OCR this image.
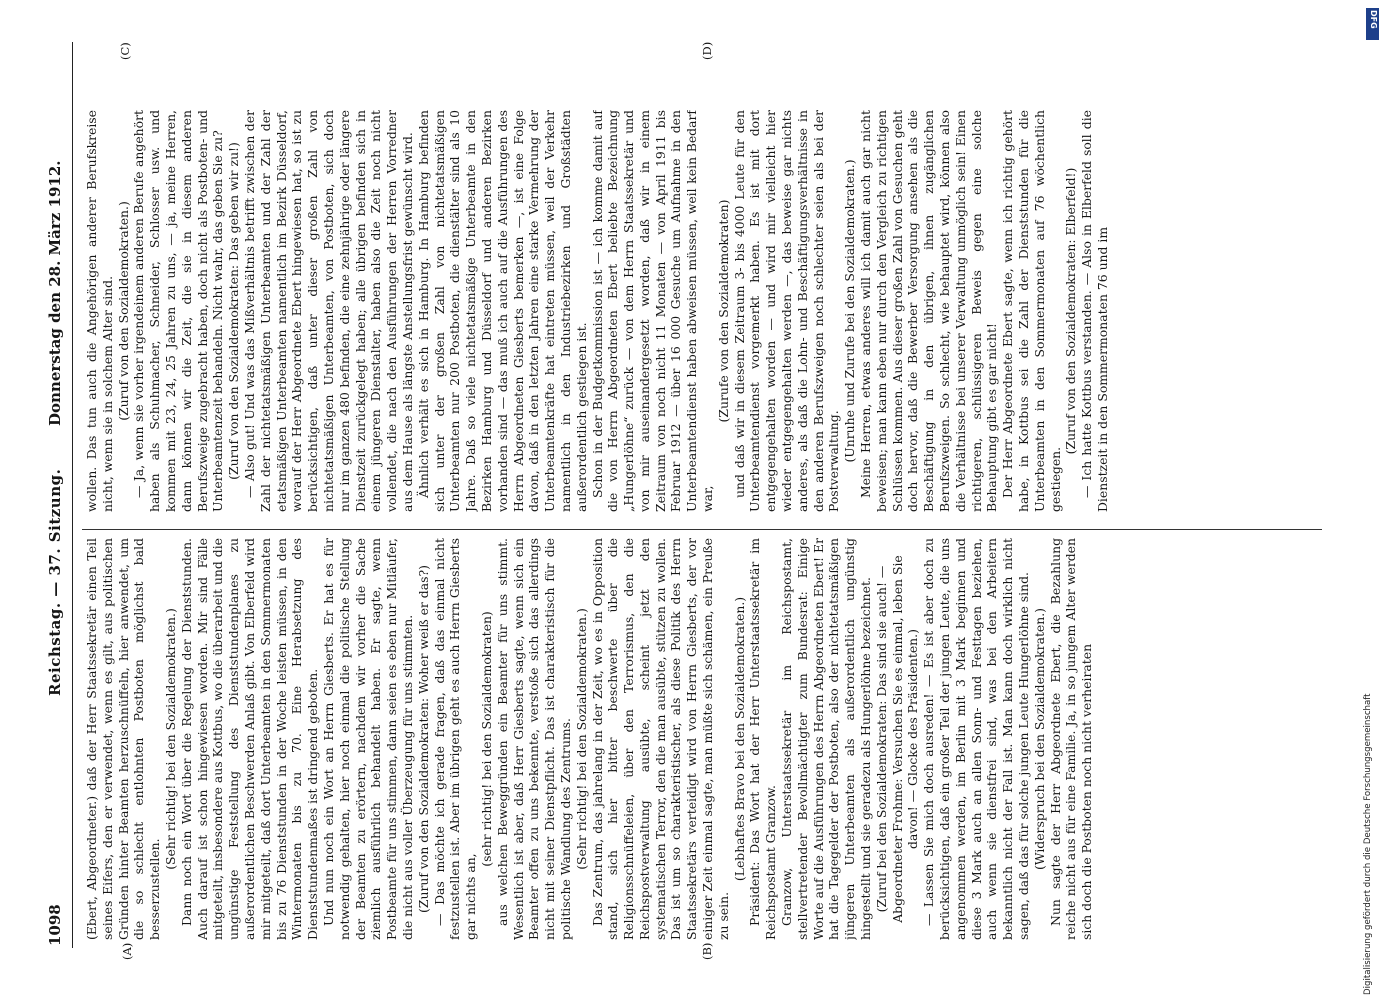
1098
Reichstag. — 37. Sitzung.
Donnerstag den 28. März 1912.
(A)	(B)
(C)	(D)

(Ebert, Abgeordneter.) daß der Herr Staatssekretär einen Teil seines Eifers, den er verwendet, wenn es gilt, aus politischen Gründen hinter Beamten herzuschnüffeln, hier anwendet, um die so schlecht entlohnten Postboten möglichst bald besserzustellen.

(Sehr richtig! bei den Sozialdemokraten.) Dann noch ein Wort über die Regelung der Dienststunden. Auch darauf ist schon hingewiesen worden. Mir sind Fälle mitgeteilt, insbesondere aus Kottbus, wo die überarbeit und die ungünstige Feststellung des Dienststundenplanes zu außerordentlichen Beschwerden Anlaß gibt. Von Elberfeld wird mir mitgeteilt, daß dort Unterbeamten in den Sommermonaten bis zu 76 Dienststunden in der Woche leisten müssen, in den Wintermonaten bis zu 70. Eine Herabsetzung des Dienststundenmaßes ist dringend geboten. Und nun noch ein Wort an Herrn Giesberts. Er hat es für notwendig gehalten, hier noch einmal die politische Stellung der Beamten zu erörtern, nachdem wir vorher die Sache ziemlich ausführlich behandelt haben. Er sagte, wenn Postbeamte für uns stimmen, dann seien es eben nur Mitläufer, die nicht aus voller Überzeugung für uns stimmten. (Zuruf von den Sozialdemokraten: Woher weiß er das?) — Das möchte ich gerade fragen, daß das einmal nicht festzustellen ist. Aber im übrigen geht es auch Herrn Giesberts gar nichts an,

(sehr richtig! bei den Sozialdemokraten) aus welchen Beweggründen ein Beamter für uns stimmt. Wesentlich ist aber, daß Herr Giesberts sagte, wenn sich ein Beamter offen zu uns bekennte, verstoße sich das allerdings nicht mit seiner Dienstpflicht. Das ist charakteristisch für die politische Wandlung des Zentrums. (Sehr richtig! bei den Sozialdemokraten.) Das Zentrum, das jahrelang in der Zeit, wo es in Opposition stand, sich hier bitter beschwerte über die Religionsschnüffeleien, über den Terrorismus, den die Reichspostverwaltung ausübte, scheint jetzt den systematischen Terror, den die man ausübte, stützen zu wollen. Das ist um so charakteristischer, als diese Politik des Herrn Staatssekretärs verteidigt wird von Herrn Giesberts, der vor einiger Zeit einmal sagte, man müßte sich schämen, ein Preuße zu sein.

(Lebhaftes Bravo bei den Sozialdemokraten.) Präsident: Das Wort hat der Herr Unterstaatssekretär im Reichspostamt Granzow. Granzow, Unterstaatssekretär im Reichspostamt, stellvertretender Bevollmächtigter zum Bundesrat: Einige Worte auf die Ausführungen des Herrn Abgeordneten Ebert! Er hat die Tagegelder der Postboten, also der nichtetatsmäßigen jüngeren Unterbeamten als außerordentlich ungünstig hingestellt und sie geradezu als Hungerlöhne bezeichnet. (Zuruf bei den Sozialdemokraten: Das sind sie auch! — Abgeordneter Frohme: Versuchen Sie es einmal, leben Sie davon! — Glocke des Präsidenten.) — Lassen Sie mich doch ausreden! — Es ist aber doch zu berücksichtigen, daß ein großer Teil der jungen Leute, die uns angenommen werden, im Berlin mit 3 Mark beginnen und diese 3 Mark auch an allen Sonn- und Festtagen beziehen, auch wenn sie dienstfrei sind, was bei den Arbeitern bekanntlich nicht der Fall ist. Man kann doch wirklich nicht sagen, daß das für solche jungen Leute Hungerlöhne sind. (Widerspruch bei den Sozialdemokraten.) Nun sagte der Herr Abgeordnete Ebert, die Bezahlung reiche nicht aus für eine Familie. Ja, in so jungem Alter werden sich doch die Postboten noch nicht verheiraten

wollen. Das tun auch die Angehörigen anderer Berufskreise nicht, wenn sie in solchem Alter sind. (Zuruf von den Sozialdemokraten.) — Ja, wenn sie vorher irgendeinem anderen Berufe angehört haben als Schuhmacher, Schneider, Schlosser usw. und kommen mit 23, 24, 25 Jahren zu uns, — ja, meine Herren, dann können wir die Zeit, die sie in diesem anderen Berufszweige zugebracht haben, doch nicht als Postboten- und Unterbeamtenzeit behandeln. Nicht wahr, das geben Sie zu? (Zuruf von den Sozialdemokraten: Das geben wir zu!) — Also gut! Und was das Mißverhältnis betrifft zwischen der Zahl der nichtetatsmäßigen Unterbeamten und der Zahl der etatsmäßigen Unterbeamten namentlich im Bezirk Düsseldorf, worauf der Herr Abgeordnete Ebert hingewiesen hat, so ist zu berücksichtigen, daß unter dieser großen Zahl von nichtetatsmäßigen Unterbeamten, von Postboten, sich doch nur im ganzen 480 befinden, die eine zehnjährige oder längere Dienstzeit zurückgelegt haben; alle übrigen befinden sich in einem jüngeren Dienstalter, haben also die Zeit noch nicht vollendet, die nach den Ausführungen der Herren Vorredner aus dem Hause als längste Anstellungsfrist gewünscht wird. Ähnlich verhält es sich in Hamburg. In Hamburg befinden sich unter der großen Zahl von nichtetatsmäßigen Unterbeamten nur 200 Postboten, die dienstälter sind als 10 Jahre. Daß so viele nichtetatsmäßige Unterbeamte in den Bezirken Hamburg und Düsseldorf und anderen Bezirken vorhanden sind — das muß ich auch auf die Ausführungen des Herrn Abgeordneten Giesberts bemerken —, ist eine Folge davon, daß in den letzten Jahren eine starke Vermehrung der Unterbeamtenkräfte hat eintreten müssen, weil der Verkehr namentlich in den Industriebezirken und Großstädten außerordentlich gestiegen ist. Schon in der Budgetkommission ist — ich komme damit auf die von Herrn Abgeordneten Ebert beliebte Bezeichnung „Hungerlöhne“ zurück — von dem Herrn Staatssekretär und von mir auseinandergesetzt worden, daß wir in einem Zeitraum von noch nicht 11 Monaten — von April 1911 bis Februar 1912 — über 16 000 Gesuche um Aufnahme in den Unterbeamtendienst haben abweisen müssen, weil kein Bedarf war,

(Zurufe von den Sozialdemokraten) und daß wir in diesem Zeitraum 3- bis 4000 Leute für den Unterbeamtendienst vorgemerkt haben. Es ist mit dort entgegengehalten worden — und wird mir vielleicht hier wieder entgegengehalten werden —, das beweise gar nichts anderes, als daß die Lohn- und Beschäftigungsverhältnisse in den anderen Berufszweigen noch schlechter seien als bei der Postverwaltung. (Unruhe und Zurufe bei den Sozialdemokraten.) Meine Herren, etwas anderes will ich damit auch gar nicht beweisen; man kann eben nur durch den Vergleich zu richtigen Schlüssen kommen. Aus dieser großen Zahl von Gesuchen geht doch hervor, daß die Bewerber Versorgung ansehen als die Beschäftigung in den übrigen, ihnen zugänglichen Berufszweigen. So schlecht, wie behauptet wird, können also die Verhältnisse bei unserer Verwaltung unmöglich sein! Einen richtigeren, schlüssigeren Beweis gegen eine solche Behauptung gibt es gar nicht! Der Herr Abgeordnete Ebert sagte, wenn ich richtig gehört habe, in Kottbus sei die Zahl der Dienststunden für die Unterbeamten in den Sommermonaten auf 76 wöchentlich gestiegen.

(Zuruf von den Sozialdemokraten: Elberfeld!) — Ich hatte Kottbus verstanden. — Also in Elberfeld soll die Dienstzeit in den Sommermonaten 76 und im

DFG
Digitalisierung gefördert durch die Deutsche Forschungsgemeinschaft
